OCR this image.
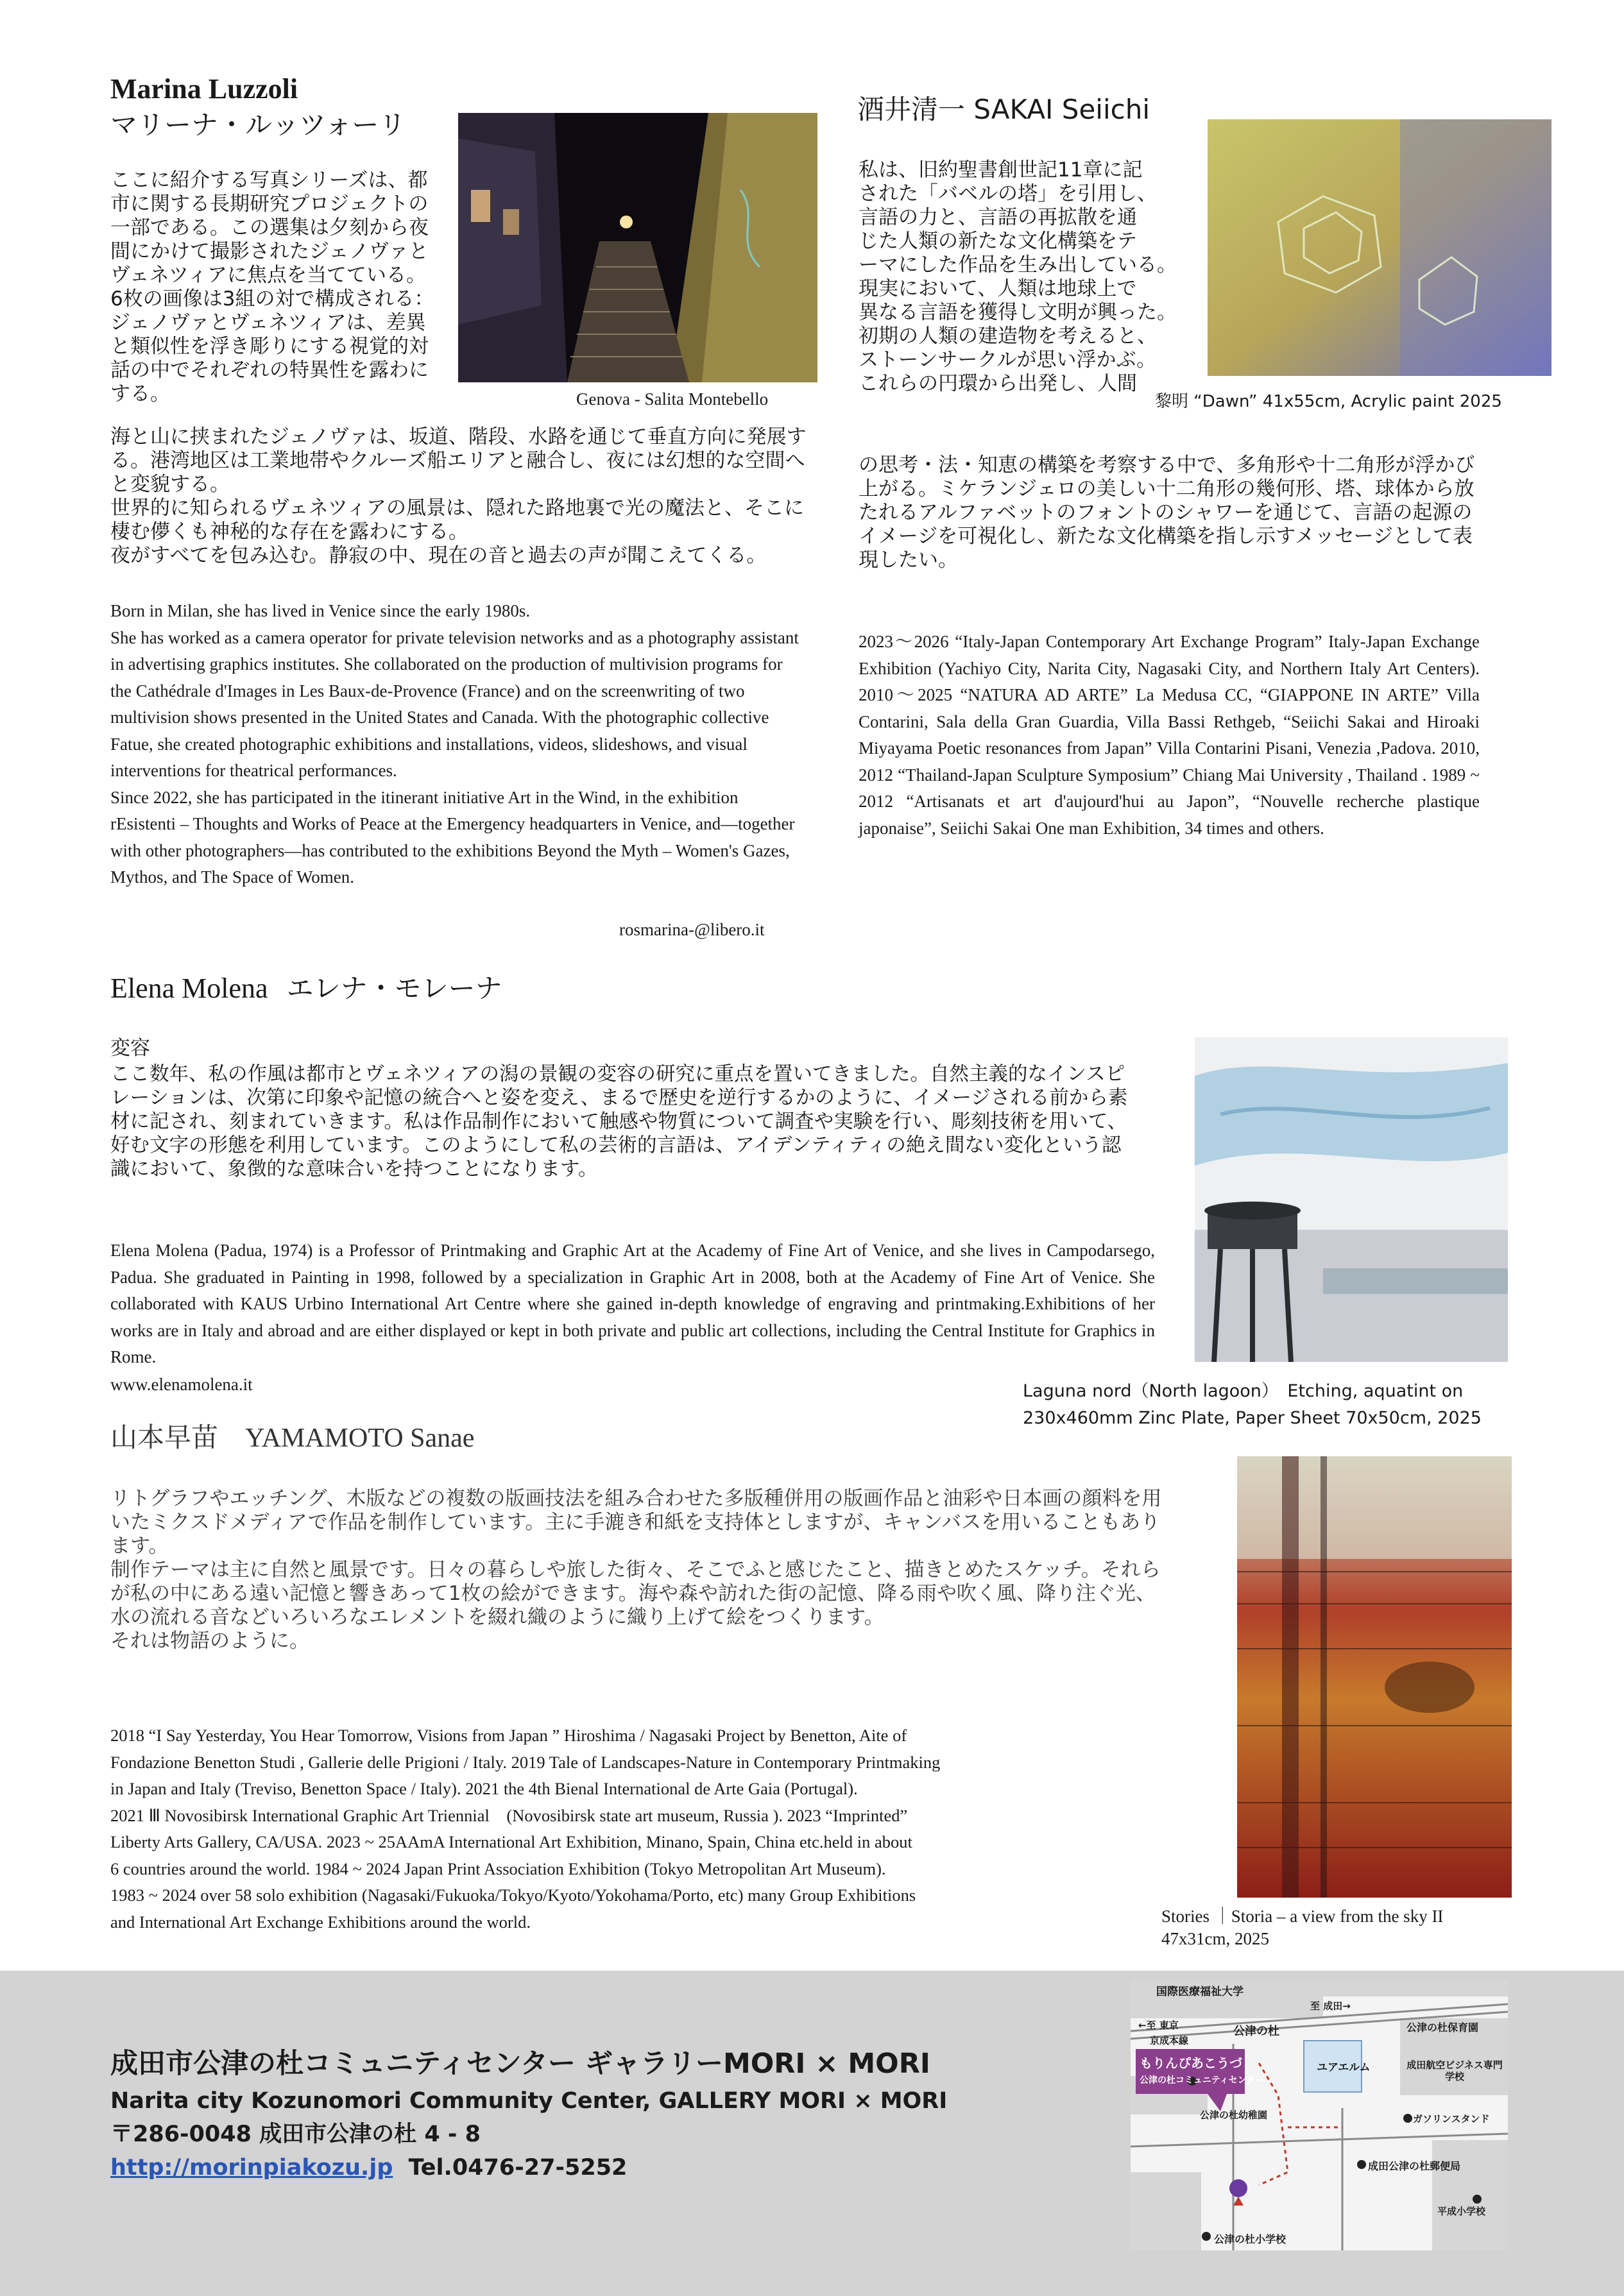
Marina Luzzoli
マリーナ・ルッツォーリ
Genova - Salita Montebello
ここに紹介する写真シリーズは、都市に関する長期研究プロジェクトの一部である。この選集は夕刻から夜間にかけて撮影されたジェノヴァとヴェネツィアに焦点を当てている。6枚の画像は3組の対で構成される：ジェノヴァとヴェネツィアは、差異と類似性を浮き彫りにする視覚的対話の中でそれぞれの特異性を露わにする。
海と山に挟まれたジェノヴァは、坂道、階段、水路を通じて垂直方向に発展する。港湾地区は工業地帯やクルーズ船エリアと融合し、夜には幻想的な空間へと変貌する。
世界的に知られるヴェネツィアの風景は、隠れた路地裏で光の魔法と、そこに棲む儚くも神秘的な存在を露わにする。
夜がすべてを包み込む。静寂の中、現在の音と過去の声が聞こえてくる。
Born in Milan, she has lived in Venice since the early 1980s.
She has worked as a camera operator for private television networks and as a photography assistant in advertising graphics institutes. She collaborated on the production of multivision programs for the Cathédrale d'Images in Les Baux-de-Provence (France) and on the screenwriting of two multivision shows presented in the United States and Canada. With the photographic collective Fatue, she created photographic exhibitions and installations, videos, slideshows, and visual interventions for theatrical performances.
Since 2022, she has participated in the itinerant initiative Art in the Wind, in the exhibition rEsistenti – Thoughts and Works of Peace at the Emergency headquarters in Venice, and—together with other photographers—has contributed to the exhibitions Beyond the Myth – Women's Gazes, Mythos, and The Space of Women.
rosmarina-@libero.it
酒井清一 SAKAI Seiichi
黎明 “Dawn” 41x55cm, Acrylic paint 2025
私は、旧約聖書創世記11章に記
された「バベルの塔」を引用し、
言語の力と、言語の再拡散を通
じた人類の新たな文化構築をテ
ーマにした作品を生み出している。
現実において、人類は地球上で
異なる言語を獲得し文明が興った。
初期の人類の建造物を考えると、
ストーンサークルが思い浮かぶ。
これらの円環から出発し、人間
の思考・法・知恵の構築を考察する中で、多角形や十二角形が浮かび上がる。ミケランジェロの美しい十二角形の幾何形、塔、球体から放たれるアルファベットのフォントのシャワーを通じて、言語の起源のイメージを可視化し、新たな文化構築を指し示すメッセージとして表現したい。
2023～2026 “Italy-Japan Contemporary Art Exchange Program” Italy-Japan Exchange Exhibition (Yachiyo City, Narita City, Nagasaki City, and Northern Italy Art Centers). 2010～2025 “NATURA AD ARTE” La Medusa CC, “GIAPPONE IN ARTE” Villa Contarini, Sala della Gran Guardia, Villa Bassi Rethgeb, “Seiichi Sakai and Hiroaki Miyayama Poetic resonances from Japan” Villa Contarini Pisani, Venezia ,Padova. 2010, 2012 “Thailand-Japan Sculpture Symposium” Chiang Mai University , Thailand . 1989 ~ 2012 “Artisanats et art d'aujourd'hui au Japon”, “Nouvelle recherche plastique japonaise”, Seiichi Sakai One man Exhibition, 34 times and others.
Elena Molena エレナ・モレーナ
変容
ここ数年、私の作風は都市とヴェネツィアの潟の景観の変容の研究に重点を置いてきました。自然主義的なインスピレーションは、次第に印象や記憶の統合へと姿を変え、まるで歴史を逆行するかのように、イメージされる前から素材に記され、刻まれていきます。私は作品制作において触感や物質について調査や実験を行い、彫刻技術を用いて、好む文字の形態を利用しています。このようにして私の芸術的言語は、アイデンティティの絶え間ない変化という認識において、象徴的な意味合いを持つことになります。
Elena Molena (Padua, 1974) is a Professor of Printmaking and Graphic Art at the Academy of Fine Art of Venice, and she lives in Campodarsego, Padua. She graduated in Painting in 1998, followed by a specialization in Graphic Art in 2008, both at the Academy of Fine Art of Venice. She collaborated with KAUS Urbino International Art Centre where she gained in-depth knowledge of engraving and printmaking.Exhibitions of her works are in Italy and abroad and are either displayed or kept in both private and public art collections, including the Central Institute for Graphics in Rome.
www.elenamolena.it	Laguna nord（North lagoon）　Etching, aquatint on
230x460mm Zinc Plate, Paper Sheet 70x50cm, 2025
山本早苗　YAMAMOTO Sanae
リトグラフやエッチング、木版などの複数の版画技法を組み合わせた多版種併用の版画作品と油彩や日本画の顔料を用いたミクスドメディアで作品を制作しています。主に手漉き和紙を支持体としますが、キャンバスを用いることもあります。
制作テーマは主に自然と風景です。日々の暮らしや旅した街々、そこでふと感じたこと、描きとめたスケッチ。それらが私の中にある遠い記憶と響きあって1枚の絵ができます。海や森や訪れた街の記憶、降る雨や吹く風、降り注ぐ光、水の流れる音などいろいろなエレメントを綴れ織のように織り上げて絵をつくります。
それは物語のように。
2018 “I Say Yesterday, You Hear Tomorrow, Visions from Japan ” Hiroshima / Nagasaki Project by Benetton, Aite of
Fondazione Benetton Studi , Gallerie delle Prigioni / Italy. 2019 Tale of Landscapes-Nature in Contemporary Printmaking
in Japan and Italy (Treviso, Benetton Space / Italy). 2021 the 4th Bienal International de Arte Gaia (Portugal).
2021 Ⅲ Novosibirsk International Graphic Art Triennial　(Novosibirsk state art museum, Russia ). 2023 “Imprinted”
Liberty Arts Gallery, CA/USA. 2023 ~ 25AAmA International Art Exhibition, Minano, Spain, China etc.held in about
6 countries around the world. 1984 ~ 2024 Japan Print Association Exhibition (Tokyo Metropolitan Art Museum).
1983 ~ 2024 over 58 solo exhibition (Nagasaki/Fukuoka/Tokyo/Kyoto/Yokohama/Porto, etc) many Group Exhibitions
and International Art Exchange Exhibitions around the world.	Stories ｜Storia – a view from the sky II
47x31cm, 2025
成田市公津の杜コミュニティセンター ギャラリーMORI × MORI
Narita city Kozunomori Community Center, GALLERY MORI × MORI
〒286-0048 成田市公津の杜 4 - 8
http://morinpiakozu.jp Tel.0476-27-5252
国際医療福祉大学
←至 東京
至 成田→
京成本線
公津の杜	公津の杜保育園
ユアエルム	成田航空ビジネス専門学校
ガソリンスタンド
もりんぴあこうづ
公津の杜コミュニティセンター
公津の杜幼稚園
成田公津の杜郵便局
平成小学校
公津の杜小学校
